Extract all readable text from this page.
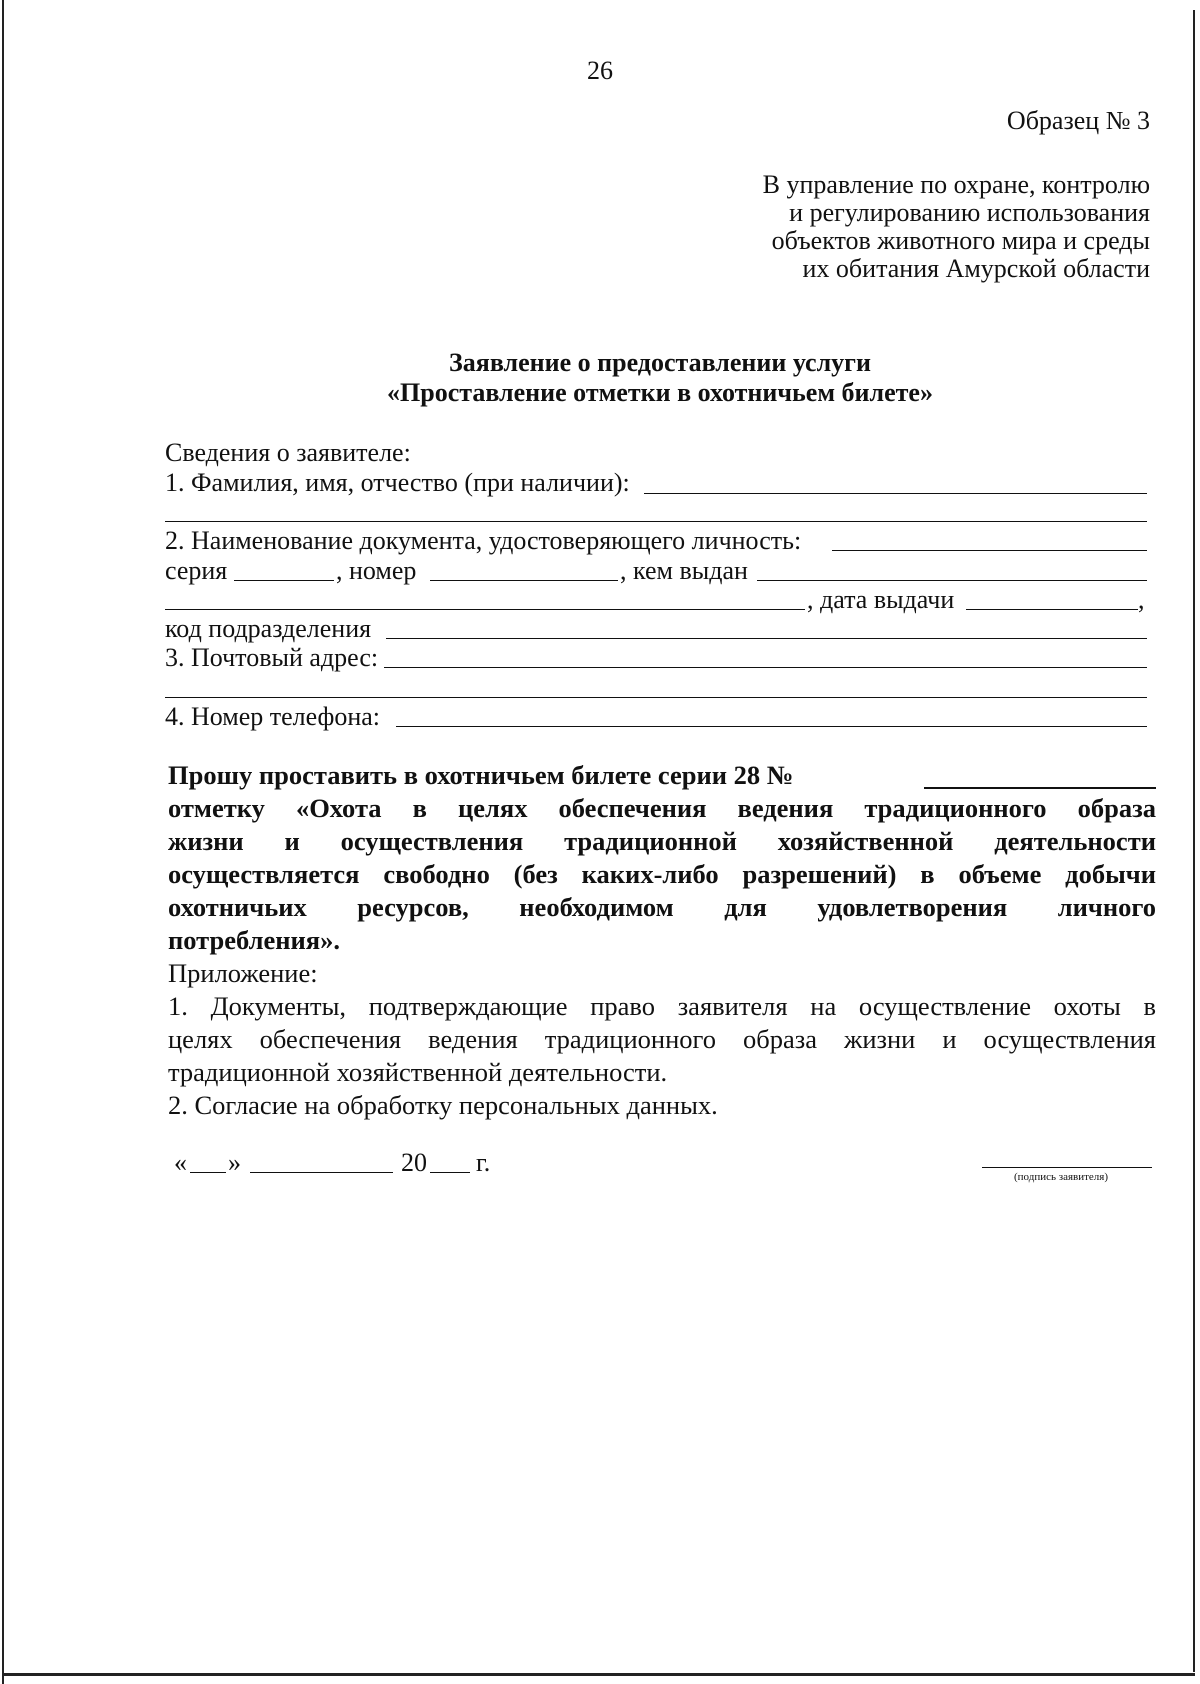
26
Образец № 3
В управление по охране, контролю
и регулированию использования
объектов животного мира и среды
их обитания Амурской области
Заявление о предоставлении услуги
«Проставление отметки в охотничьем билете»
Сведения о заявителе:
1. Фамилия, имя, отчество (при наличии):
2. Наименование документа, удостоверяющего личность:
серия	, номер	, кем выдан
, дата выдачи	,
код подразделения
3. Почтовый адрес:
4. Номер телефона:
Прошу проставить в охотничьем билете серии 28 №
отметку «Охота в целях обеспечения ведения традиционного образа
жизни и осуществления традиционной хозяйственной деятельности
осуществляется свободно (без каких-либо разрешений) в объеме добычи
охотничьих ресурсов, необходимом для удовлетворения личного
потребления».
Приложение:
1. Документы, подтверждающие право заявителя на осуществление охоты в
целях обеспечения ведения традиционного образа жизни и осуществления
традиционной хозяйственной деятельности.
2. Согласие на обработку персональных данных.
« »	20 г.	(подпись заявителя)
